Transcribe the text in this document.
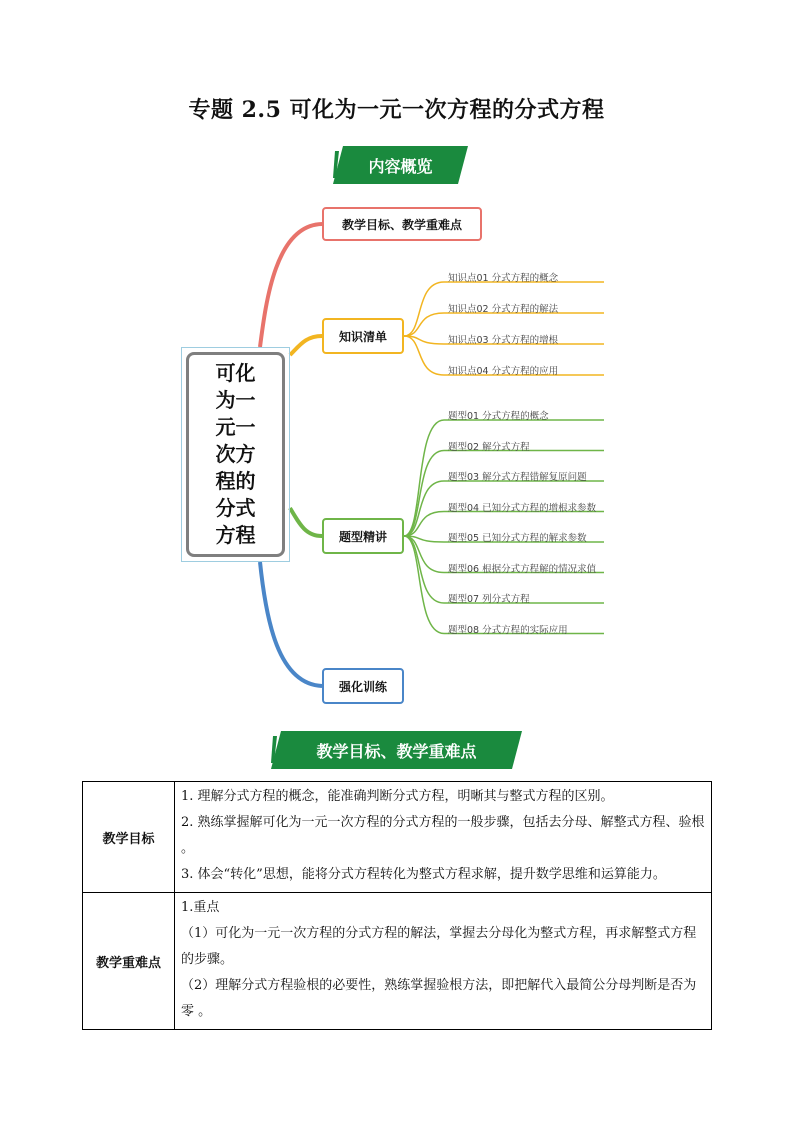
专题 2.5 可化为一元一次方程的分式方程
内容概览
可化为一元一次方程的分式方程
教学目标、教学重难点
知识清单
题型精讲
强化训练
知识点01 分式方程的概念
知识点02 分式方程的解法
知识点03 分式方程的增根
知识点04 分式方程的应用
题型01 分式方程的概念
题型02 解分式方程
题型03 解分式方程错解复原问题
题型04 已知分式方程的增根求参数
题型05 已知分式方程的解求参数
题型06 根据分式方程解的情况求值
题型07 列分式方程
题型08 分式方程的实际应用
教学目标、教学重难点
教学目标	1. 理解分式方程的概念，能准确判断分式方程，明晰其与整式方程的区别。

2. 熟练掌握解可化为一元一次方程的分式方程的一般步骤，包括去分母、解整式方程、验根 。

3. 体会“转化”思想，能将分式方程转化为整式方程求解，提升数学思维和运算能力。

教学重难点	1.重点

（1）可化为一元一次方程的分式方程的解法，掌握去分母化为整式方程，再求解整式方程的步骤。

（2）理解分式方程验根的必要性，熟练掌握验根方法，即把解代入最简公分母判断是否为零 。
